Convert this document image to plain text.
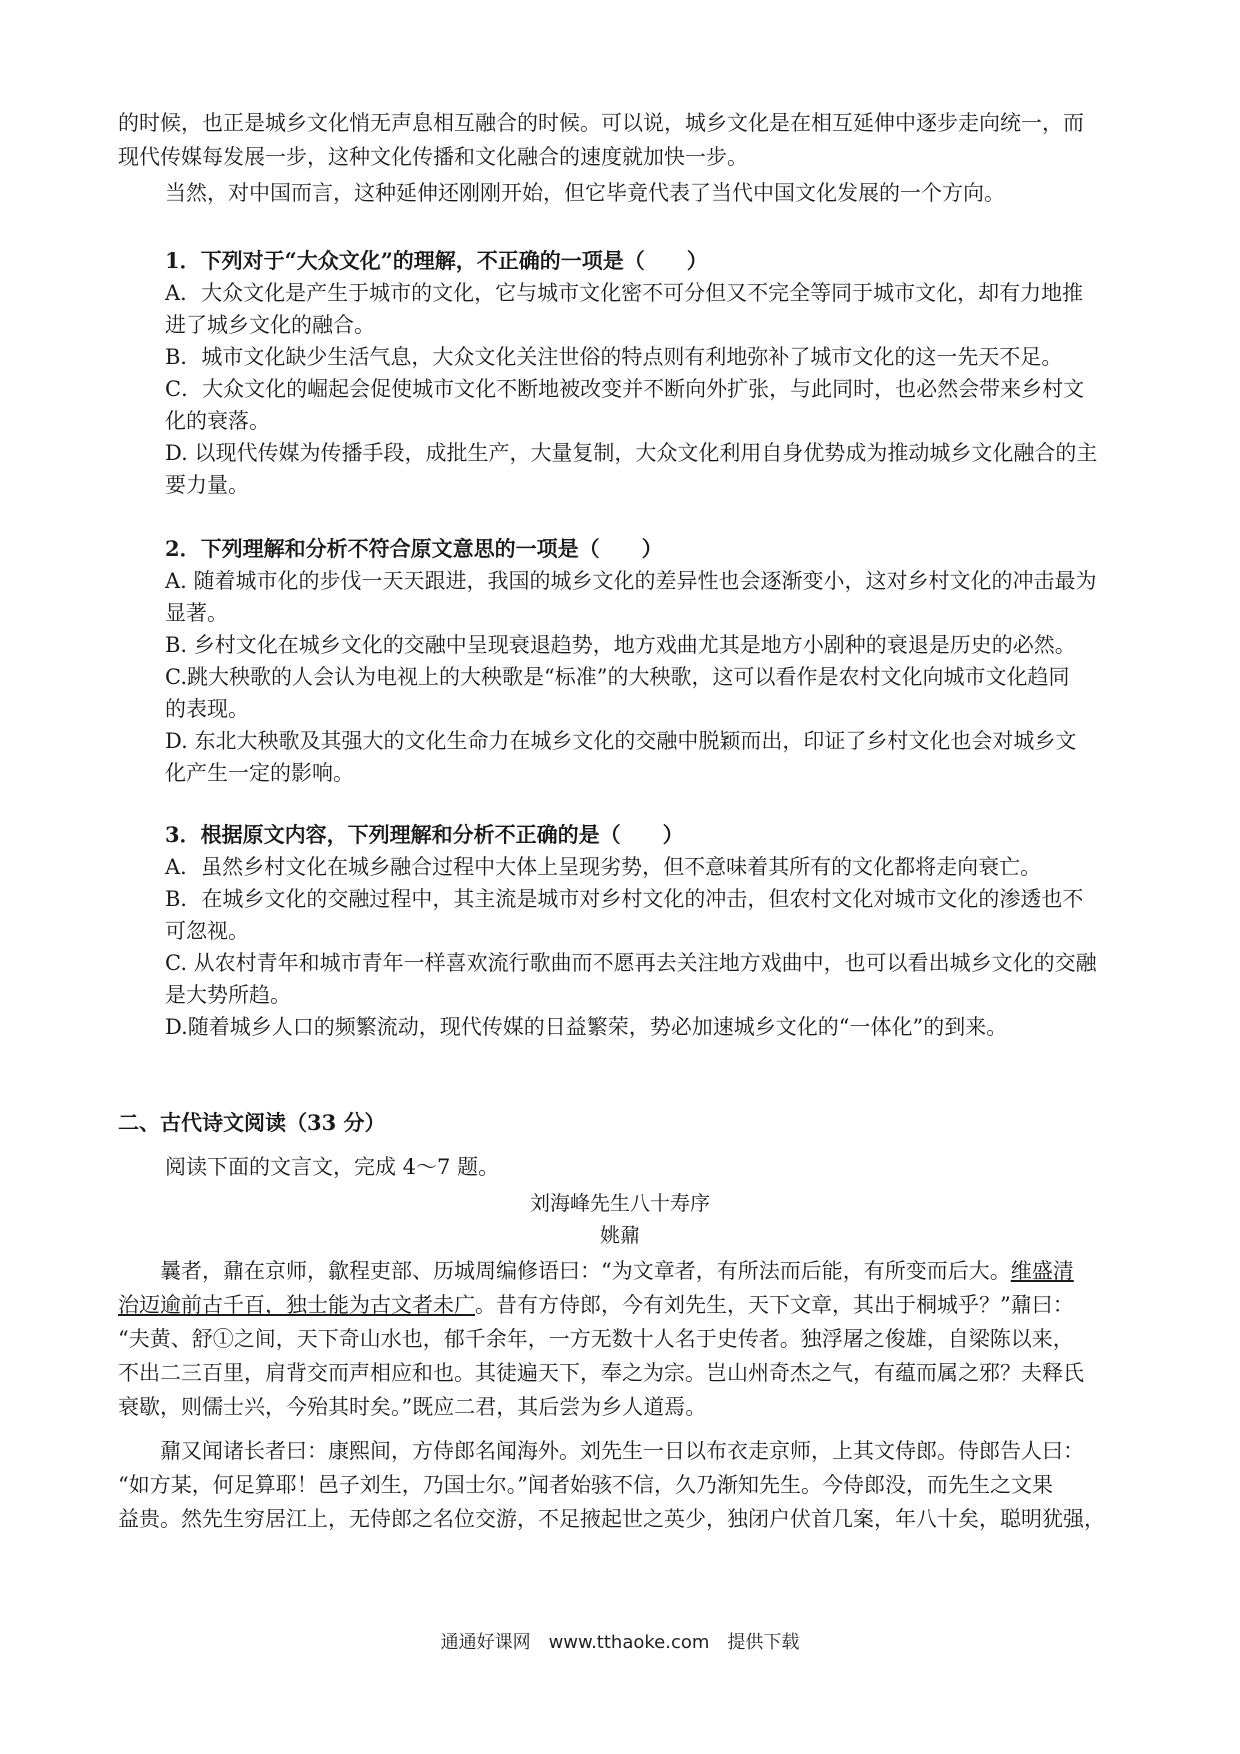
的时候，也正是城乡文化悄无声息相互融合的时候。可以说，城乡文化是在相互延伸中逐步走向统一，而

现代传媒每发展一步，这种文化传播和文化融合的速度就加快一步。

当然，对中国而言，这种延伸还刚刚开始，但它毕竟代表了当代中国文化发展的一个方向。

1．下列对于“大众文化”的理解，不正确的一项是（　　）

A．大众文化是产生于城市的文化，它与城市文化密不可分但又不完全等同于城市文化，却有力地推

进了城乡文化的融合。

B．城市文化缺少生活气息，大众文化关注世俗的特点则有利地弥补了城市文化的这一先天不足。

C．大众文化的崛起会促使城市文化不断地被改变并不断向外扩张，与此同时，也必然会带来乡村文

化的衰落。

D. 以现代传媒为传播手段，成批生产，大量复制，大众文化利用自身优势成为推动城乡文化融合的主

要力量。

2．下列理解和分析不符合原文意思的一项是（　　）

A. 随着城市化的步伐一天天跟进，我国的城乡文化的差异性也会逐渐变小，这对乡村文化的冲击最为

显著。

B. 乡村文化在城乡文化的交融中呈现衰退趋势，地方戏曲尤其是地方小剧种的衰退是历史的必然。

C.跳大秧歌的人会认为电视上的大秧歌是“标准”的大秧歌，这可以看作是农村文化向城市文化趋同

的表现。

D. 东北大秧歌及其强大的文化生命力在城乡文化的交融中脱颖而出，印证了乡村文化也会对城乡文

化产生一定的影响。

3．根据原文内容，下列理解和分析不正确的是（　　）

A．虽然乡村文化在城乡融合过程中大体上呈现劣势，但不意味着其所有的文化都将走向衰亡。

B．在城乡文化的交融过程中，其主流是城市对乡村文化的冲击，但农村文化对城市文化的渗透也不

可忽视。

C. 从农村青年和城市青年一样喜欢流行歌曲而不愿再去关注地方戏曲中，也可以看出城乡文化的交融

是大势所趋。

D.随着城乡人口的频繁流动，现代传媒的日益繁荣，势必加速城乡文化的“一体化”的到来。

二、古代诗文阅读（33 分）

阅读下面的文言文，完成 4～7 题。

刘海峰先生八十寿序

姚鼐

曩者，鼐在京师，歙程吏部、历城周编修语曰：“为文章者，有所法而后能，有所变而后大。维盛清

治迈逾前古千百，独士能为古文者未广。昔有方侍郎，今有刘先生，天下文章，其出于桐城乎？”鼐曰：

“夫黄、舒①之间，天下奇山水也，郁千余年，一方无数十人名于史传者。独浮屠之俊雄，自梁陈以来，

不出二三百里，肩背交而声相应和也。其徒遍天下，奉之为宗。岂山州奇杰之气，有蕴而属之邪？夫释氏

衰歇，则儒士兴，今殆其时矣。”既应二君，其后尝为乡人道焉。

鼐又闻诸长者曰：康熙间，方侍郎名闻海外。刘先生一日以布衣走京师，上其文侍郎。侍郎告人曰：

“如方某，何足算耶！邑子刘生，乃国士尔。”闻者始骇不信，久乃渐知先生。今侍郎没，而先生之文果

益贵。然先生穷居江上，无侍郎之名位交游，不足掖起世之英少，独闭户伏首几案，年八十矣，聪明犹强，

通通好课网　www.tthaoke.com　提供下载
